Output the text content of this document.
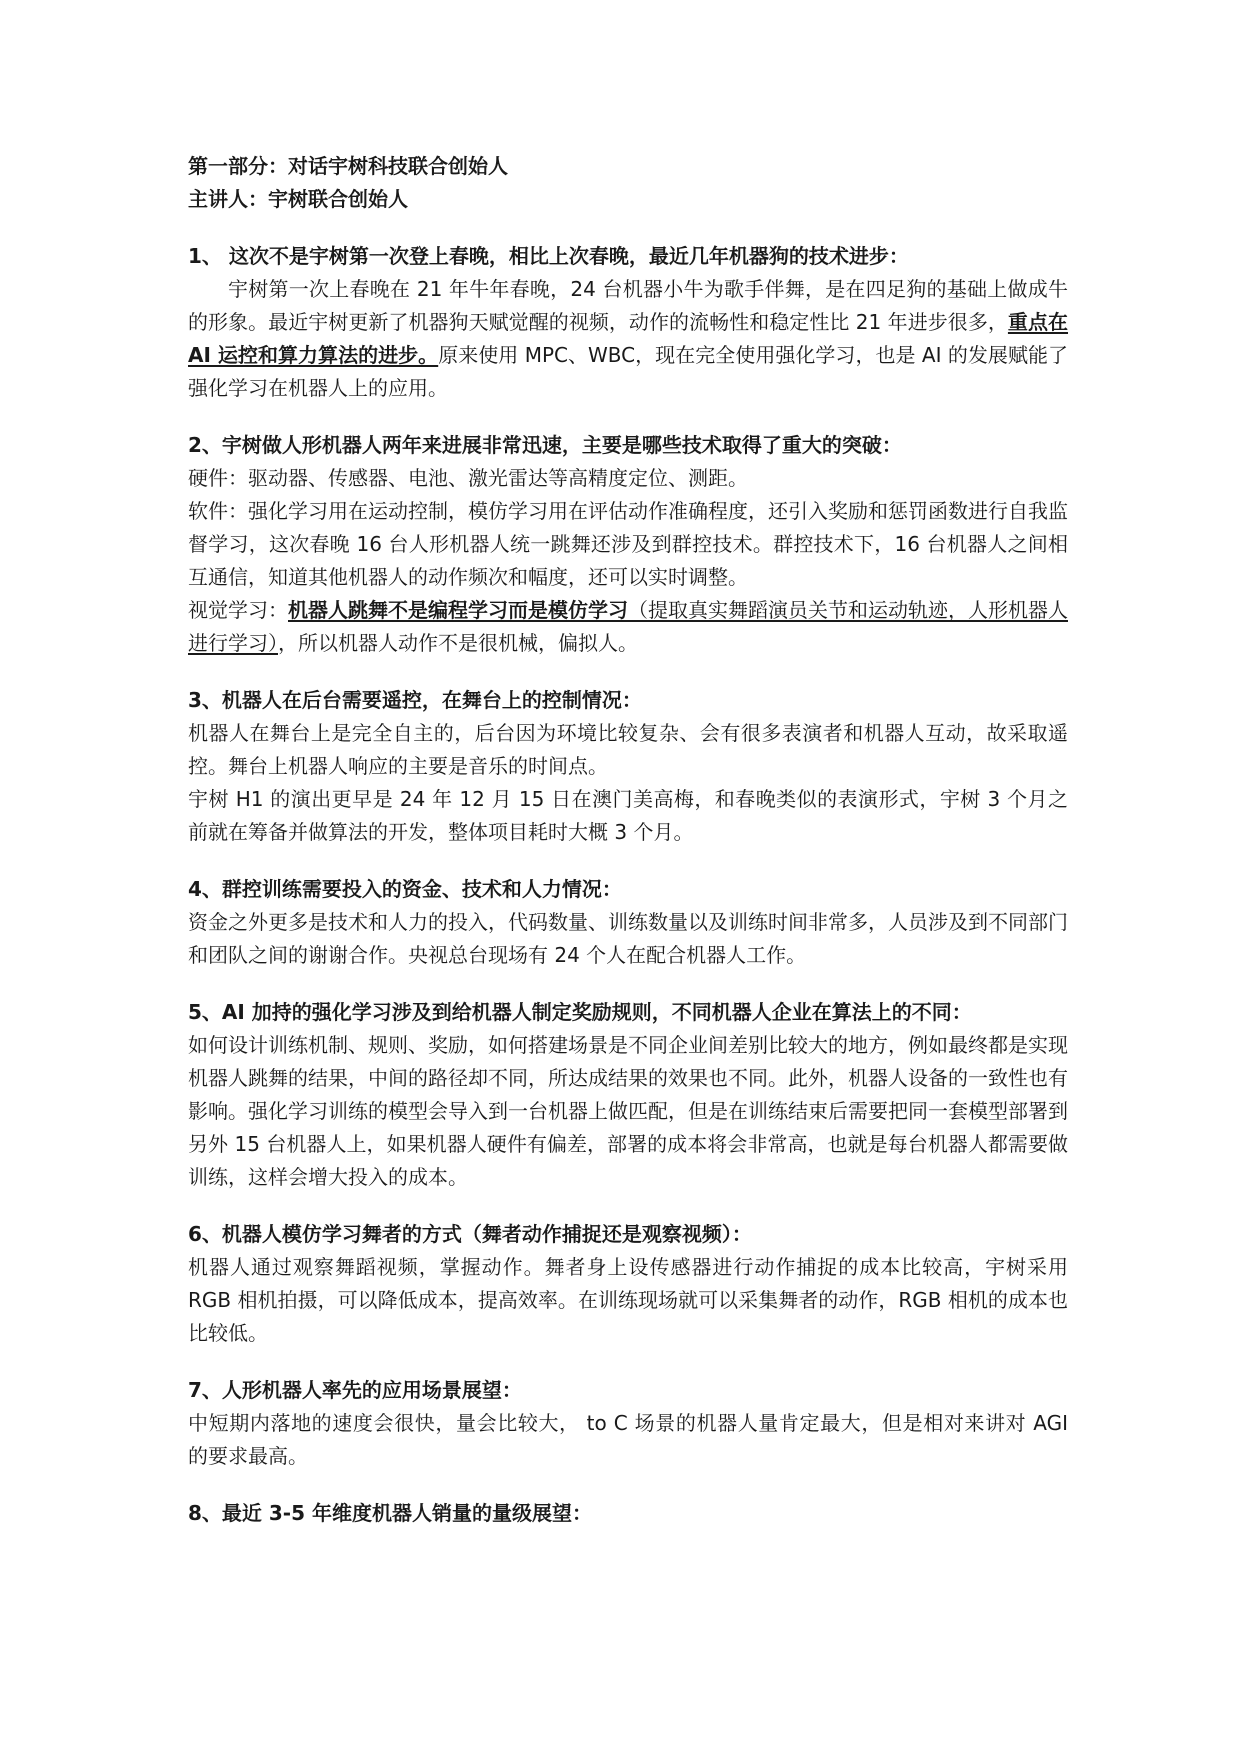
第一部分：对话宇树科技联合创始人

主讲人：宇树联合创始人

1、 这次不是宇树第一次登上春晚，相比上次春晚，最近几年机器狗的技术进步：

宇树第一次上春晚在 21 年牛年春晚，24 台机器小牛为歌手伴舞，是在四足狗的基础上做成牛的形象。最近宇树更新了机器狗天赋觉醒的视频，动作的流畅性和稳定性比 21 年进步很多，重点在 AI 运控和算力算法的进步。原来使用 MPC、WBC，现在完全使用强化学习，也是 AI 的发展赋能了强化学习在机器人上的应用。

2、宇树做人形机器人两年来进展非常迅速，主要是哪些技术取得了重大的突破：

硬件：驱动器、传感器、电池、激光雷达等高精度定位、测距。

软件：强化学习用在运动控制，模仿学习用在评估动作准确程度，还引入奖励和惩罚函数进行自我监督学习，这次春晚 16 台人形机器人统一跳舞还涉及到群控技术。群控技术下，16 台机器人之间相互通信，知道其他机器人的动作频次和幅度，还可以实时调整。

视觉学习：机器人跳舞不是编程学习而是模仿学习（提取真实舞蹈演员关节和运动轨迹，人形机器人进行学习），所以机器人动作不是很机械，偏拟人。

3、机器人在后台需要遥控，在舞台上的控制情况：

机器人在舞台上是完全自主的，后台因为环境比较复杂、会有很多表演者和机器人互动，故采取遥控。舞台上机器人响应的主要是音乐的时间点。

宇树 H1 的演出更早是 24 年 12 月 15 日在澳门美高梅，和春晚类似的表演形式，宇树 3 个月之前就在筹备并做算法的开发，整体项目耗时大概 3 个月。

4、群控训练需要投入的资金、技术和人力情况：

资金之外更多是技术和人力的投入，代码数量、训练数量以及训练时间非常多，人员涉及到不同部门和团队之间的谢谢合作。央视总台现场有 24 个人在配合机器人工作。

5、AI 加持的强化学习涉及到给机器人制定奖励规则，不同机器人企业在算法上的不同：

如何设计训练机制、规则、奖励，如何搭建场景是不同企业间差别比较大的地方，例如最终都是实现机器人跳舞的结果，中间的路径却不同，所达成结果的效果也不同。此外，机器人设备的一致性也有影响。强化学习训练的模型会导入到一台机器上做匹配，但是在训练结束后需要把同一套模型部署到另外 15 台机器人上，如果机器人硬件有偏差，部署的成本将会非常高，也就是每台机器人都需要做训练，这样会增大投入的成本。

6、机器人模仿学习舞者的方式（舞者动作捕捉还是观察视频）：

机器人通过观察舞蹈视频，掌握动作。舞者身上设传感器进行动作捕捉的成本比较高，宇树采用 RGB 相机拍摄，可以降低成本，提高效率。在训练现场就可以采集舞者的动作，RGB 相机的成本也比较低。

7、人形机器人率先的应用场景展望：

中短期内落地的速度会很快，量会比较大， to C 场景的机器人量肯定最大，但是相对来讲对 AGI 的要求最高。

8、最近 3-5 年维度机器人销量的量级展望：
